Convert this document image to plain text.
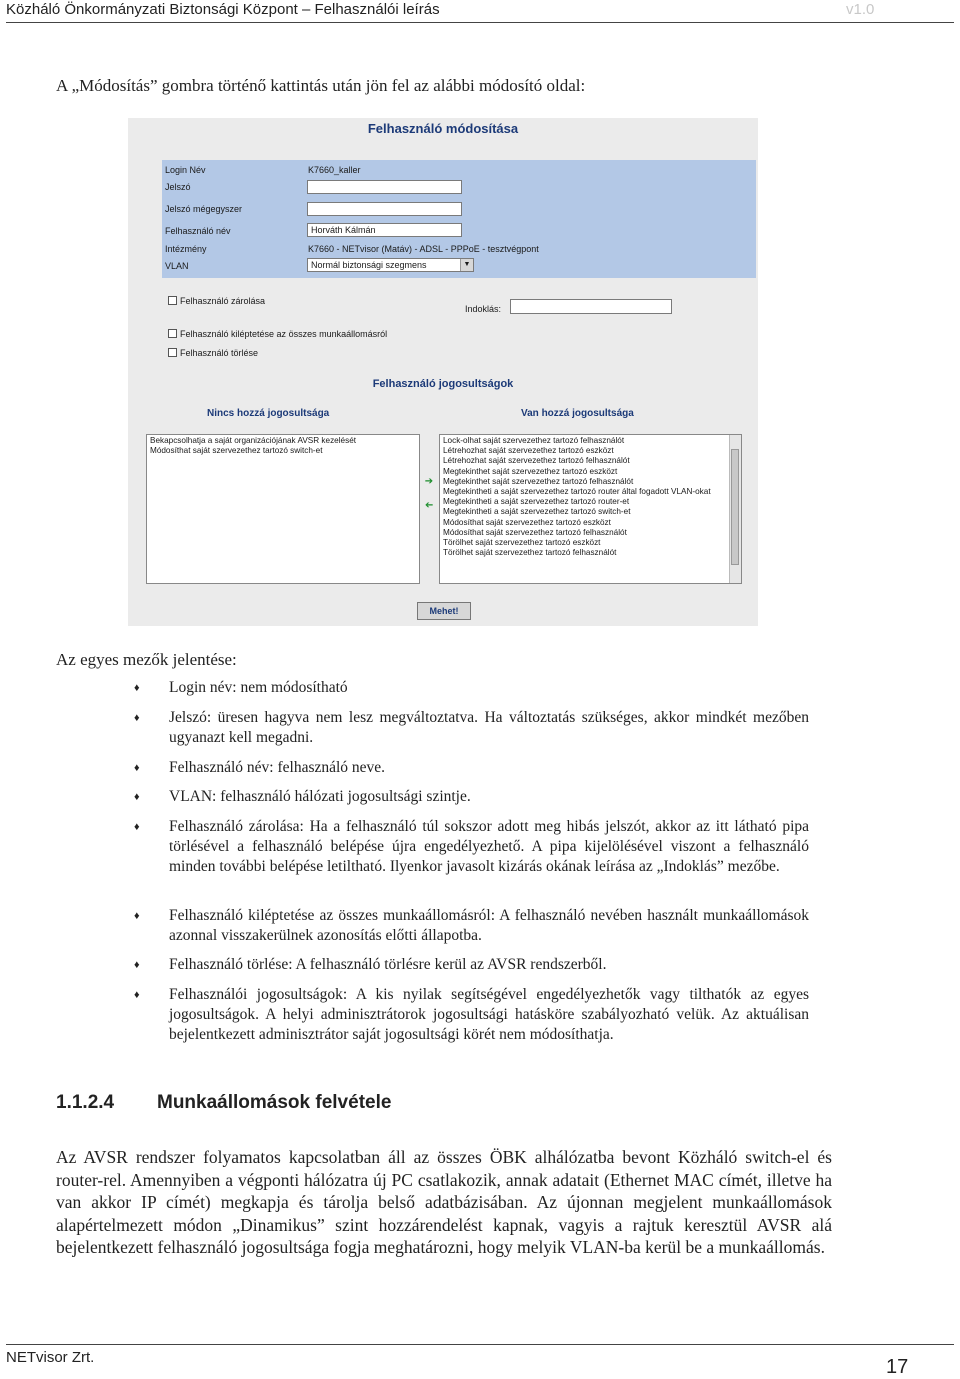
Közháló Önkormányzati Biztonsági Központ – Felhasználói leírás	v1.0
A „Módosítás” gombra történő kattintás után jön fel az alábbi módosító oldal:
Felhasználó módosítása
Login Név	K7660_kaller
Jelszó
Jelszó mégegyszer
Felhasználó név	Horváth Kálmán
Intézmény	K7660 - NETvisor (Matáv) - ADSL - PPPoE - tesztvégpont
VLAN	Normál biztonsági szegmens	▼
Felhasználó zárolása
Indoklás:
Felhasználó kiléptetése az összes munkaállomásról
Felhasználó törlése
Felhasználó jogosultságok
Nincs hozzá jogosultsága	Van hozzá jogosultsága
Bekapcsolhatja a saját organizációjának AVSR kezelését
Módosíthat saját szervezethez tartozó switch-et
➔
➔
Lock-olhat saját szervezethez tartozó felhasználót
Létrehozhat saját szervezethez tartozó eszközt
Létrehozhat saját szervezethez tartozó felhasználót
Megtekinthet saját szervezethez tartozó eszközt
Megtekinthet saját szervezethez tartozó felhasználót
Megtekintheti a saját szervezethez tartozó router által fogadott VLAN-okat
Megtekintheti a saját szervezethez tartozó router-et
Megtekintheti a saját szervezethez tartozó switch-et
Módosíthat saját szervezethez tartozó eszközt
Módosíthat saját szervezethez tartozó felhasználót
Törölhet saját szervezethez tartozó eszközt
Törölhet saját szervezethez tartozó felhasználót
Mehet!
Az egyes mezők jelentése:
♦ Login név: nem módosítható
♦ Jelszó: üresen hagyva nem lesz megváltoztatva. Ha változtatás szükséges, akkor mindkét mezőben ugyanazt kell megadni.
♦ Felhasználó név: felhasználó neve.
♦ VLAN: felhasználó hálózati jogosultsági szintje.
♦ Felhasználó zárolása: Ha a felhasználó túl sokszor adott meg hibás jelszót, akkor az itt látható pipa törlésével a felhasználó belépése újra engedélyezhető. A pipa kijelölésével viszont a felhasználó minden további belépése letiltható. Ilyenkor javasolt kizárás okának leírása az „Indoklás” mezőbe.
♦ Felhasználó kiléptetése az összes munkaállomásról: A felhasználó nevében használt munkaállomások azonnal visszakerülnek azonosítás előtti állapotba.
♦ Felhasználó törlése: A felhasználó törlésre kerül az AVSR rendszerből.
♦ Felhasználói jogosultságok: A kis nyilak segítségével engedélyezhetők vagy tilthatók az egyes jogosultságok. A helyi adminisztrátorok jogosultsági hatásköre szabályozható velük. Az aktuálisan bejelentkezett adminisztrátor saját jogosultsági körét nem módosíthatja.
1.1.2.4 Munkaállomások felvétele
Az AVSR rendszer folyamatos kapcsolatban áll az összes ÖBK alhálózatba bevont Közháló switch-el és router-rel. Amennyiben a végponti hálózatra új PC csatlakozik, annak adatait (Ethernet MAC címét, illetve ha van akkor IP címét) megkapja és tárolja belső adatbázisában. Az újonnan megjelent munkaállomások alapértelmezett módon „Dinamikus” szint hozzárendelést kapnak, vagyis a rajtuk keresztül AVSR alá bejelentkezett felhasználó jogosultsága fogja meghatározni, hogy melyik VLAN-ba kerül be a munkaállomás.
NETvisor Zrt.	17
